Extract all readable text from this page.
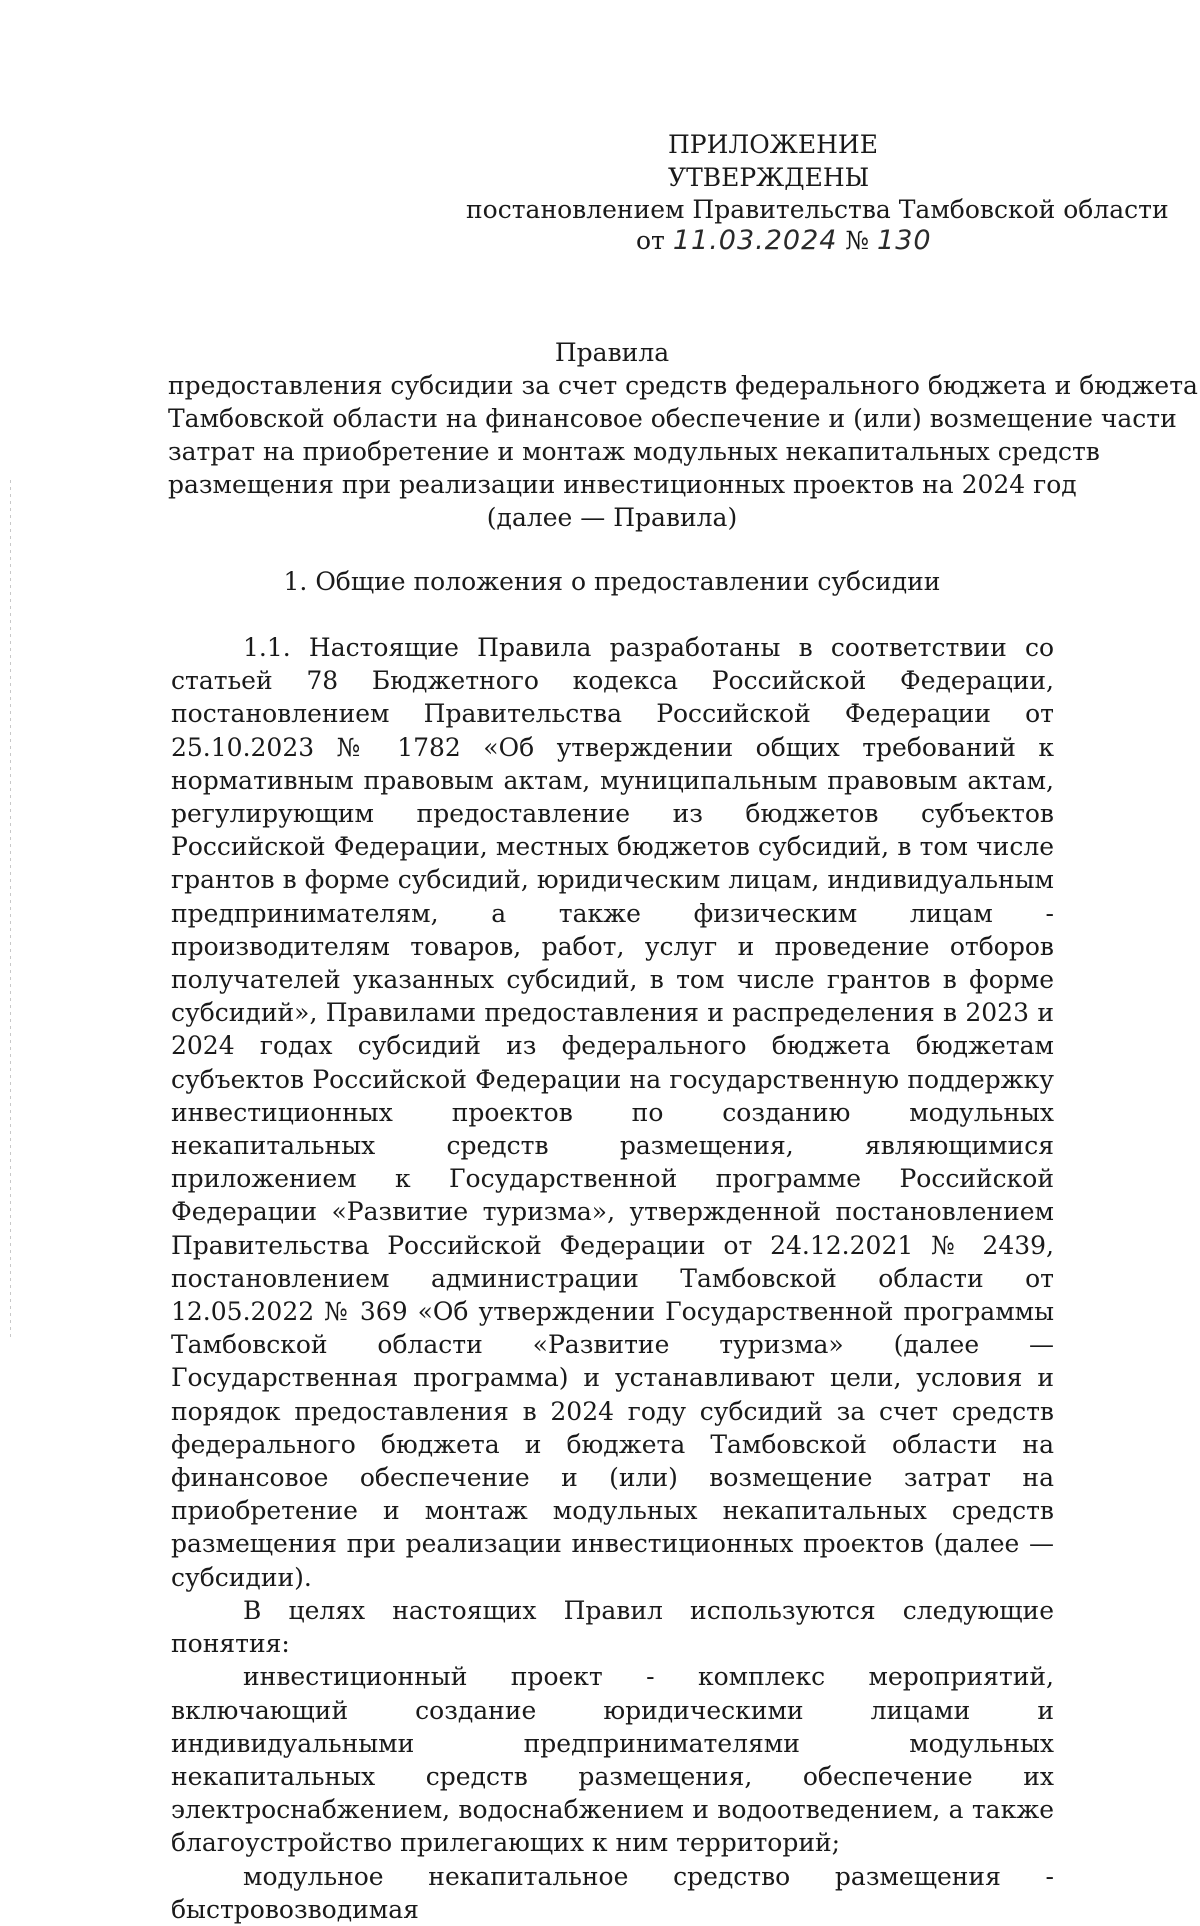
ПРИЛОЖЕНИЕ
УТВЕРЖДЕНЫ
постановлением Правительства Тамбовской области
от 11.03.2024 № 130
Правила
предоставления субсидии за счет средств федерального бюджета и бюджета
Тамбовской области на финансовое обеспечение и (или) возмещение части
затрат на приобретение и монтаж модульных некапитальных средств
размещения при реализации инвестиционных проектов на 2024 год
(далее — Правила)
1. Общие положения о предоставлении субсидии

1.1. Настоящие Правила разработаны в соответствии со статьей 78 Бюджетного кодекса Российской Федерации, постановлением Правительства Российской Федерации от 25.10.2023 № 1782 «Об утверждении общих требований к нормативным правовым актам, муниципальным правовым актам, регулирующим предоставление из бюджетов субъектов Российской Федерации, местных бюджетов субсидий, в том числе грантов в форме субсидий, юридическим лицам, индивидуальным предпринимателям, а также физическим лицам - производителям товаров, работ, услуг и проведение отборов получателей указанных субсидий, в том числе грантов в форме субсидий», Правилами предоставления и распределения в 2023 и 2024 годах субсидий из федерального бюджета бюджетам субъектов Российской Федерации на государственную поддержку инвестиционных проектов по созданию модульных некапитальных средств размещения, являющимися приложением к Государственной программе Российской Федерации «Развитие туризма», утвержденной постановлением Правительства Российской Федерации от 24.12.2021 № 2439, постановлением администрации Тамбовской области от 12.05.2022 № 369 «Об утверждении Государственной программы Тамбовской области «Развитие туризма» (далее — Государственная программа) и устанавливают цели, условия и порядок предоставления в 2024 году субсидий за счет средств федерального бюджета и бюджета Тамбовской области на финансовое обеспечение и (или) возмещение затрат на приобретение и монтаж модульных некапитальных средств размещения при реализации инвестиционных проектов (далее — субсидии).

В целях настоящих Правил используются следующие понятия:

инвестиционный проект - комплекс мероприятий, включающий создание юридическими лицами и индивидуальными предпринимателями модульных некапитальных средств размещения, обеспечение их электроснабжением, водоснабжением и водоотведением, а также благоустройство прилегающих к ним территорий;

модульное некапитальное средство размещения - быстровозводимая
